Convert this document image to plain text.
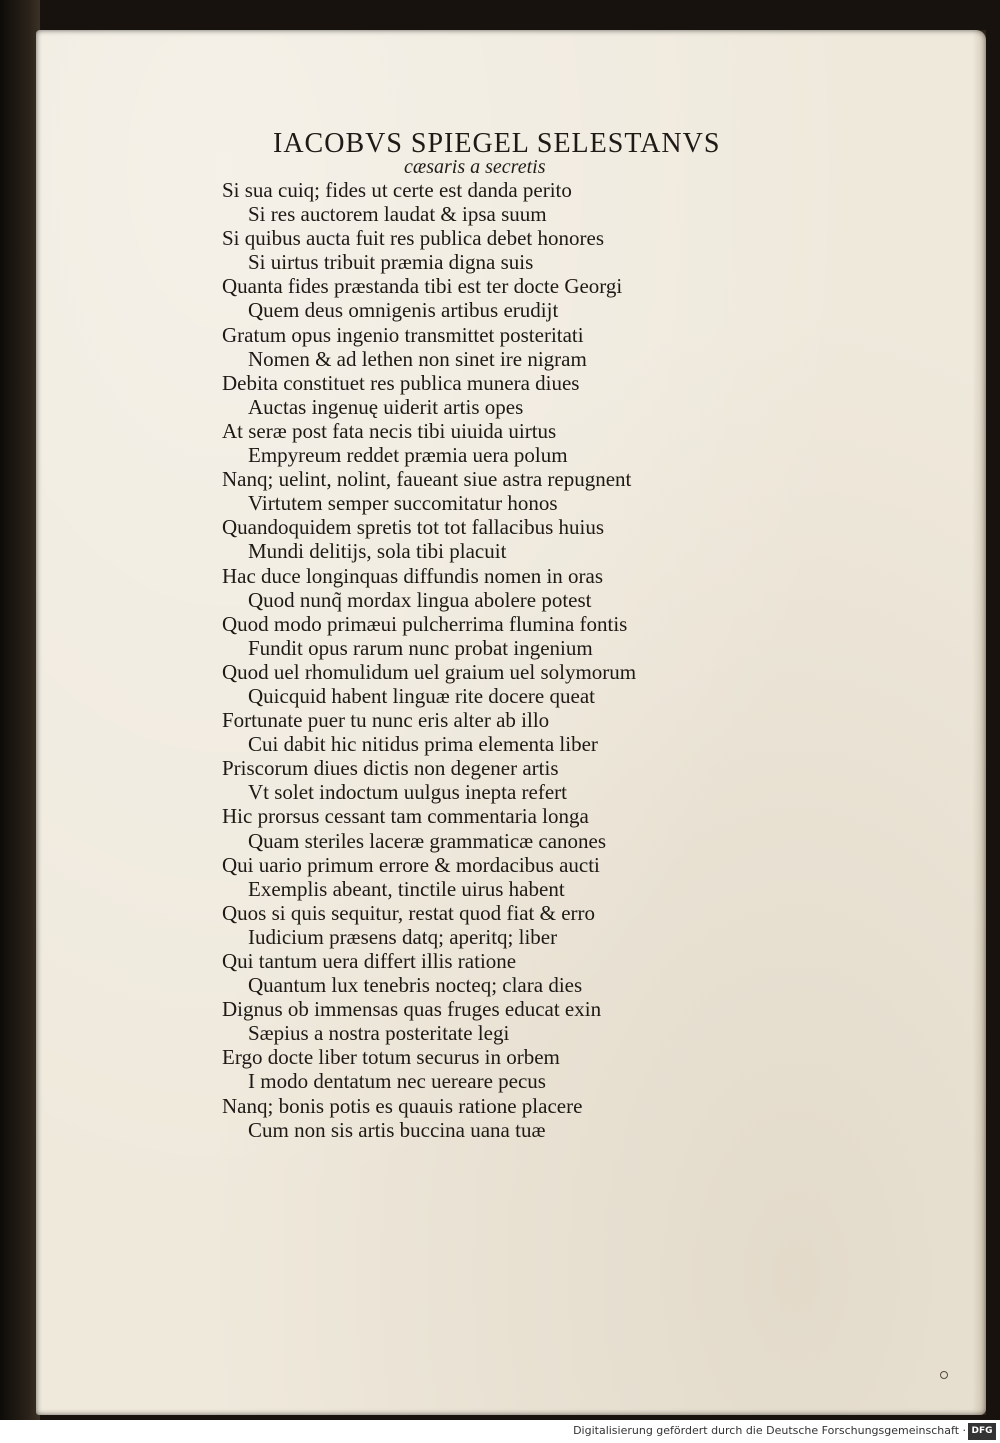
IACOBVS SPIEGEL SELESTANVS
cæsaris a secretis
Si sua cuiq; fides ut certe est danda perito
Si res auctorem laudat & ipsa suum
Si quibus aucta fuit res publica debet honores
Si uirtus tribuit præmia digna suis
Quanta fides præstanda tibi est ter docte Georgi
Quem deus omnigenis artibus erudijt
Gratum opus ingenio transmittet posteritati
Nomen & ad lethen non sinet ire nigram
Debita constituet res publica munera diues
Auctas ingenuę uiderit artis opes
At seræ post fata necis tibi uiuida uirtus
Empyreum reddet præmia uera polum
Nanq; uelint, nolint, faueant siue astra repugnent
Virtutem semper succomitatur honos
Quandoquidem spretis tot tot fallacibus huius
Mundi delitijs, sola tibi placuit
Hac duce longinquas diffundis nomen in oras
Quod nunq̃ mordax lingua abolere potest
Quod modo primæui pulcherrima flumina fontis
Fundit opus rarum nunc probat ingenium
Quod uel rhomulidum uel graium uel solymorum
Quicquid habent linguæ rite docere queat
Fortunate puer tu nunc eris alter ab illo
Cui dabit hic nitidus prima elementa liber
Priscorum diues dictis non degener artis
Vt solet indoctum uulgus inepta refert
Hic prorsus cessant tam commentaria longa
Quam steriles laceræ grammaticæ canones
Qui uario primum errore & mordacibus aucti
Exemplis abeant, tinctile uirus habent
Quos si quis sequitur, restat quod fiat & erro
Iudicium præsens datq; aperitq; liber
Qui tantum uera differt illis ratione
Quantum lux tenebris nocteq; clara dies
Dignus ob immensas quas fruges educat exin
Sæpius a nostra posteritate legi
Ergo docte liber totum securus in orbem
I modo dentatum nec uereare pecus
Nanq; bonis potis es quauis ratione placere
Cum non sis artis buccina uana tuæ
Digitalisierung gefördert durch die Deutsche Forschungsgemeinschaft · DFG
